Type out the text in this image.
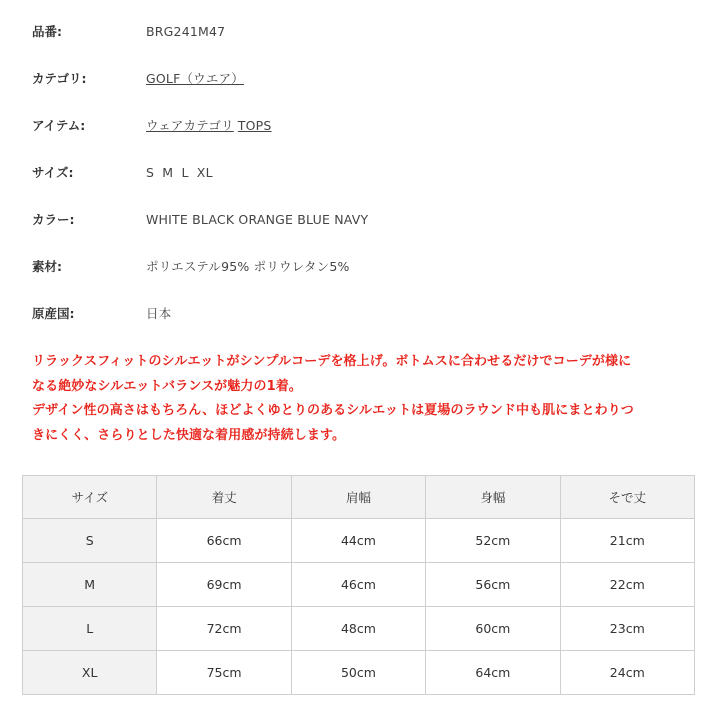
品番:	BRG241M47
カテゴリ:	GOLF（ウエア）
アイテム:	ウェアカテゴリ TOPS
サイズ:	S M L XL
カラー:	WHITE BLACK ORANGE BLUE NAVY
素材:	ポリエステル95% ポリウレタン5%
原産国:	日本

リラックスフィットのシルエットがシンプルコーデを格上げ。ボトムスに合わせるだけでコーデが様に

なる絶妙なシルエットバランスが魅力の1着。

デザイン性の高さはもちろん、ほどよくゆとりのあるシルエットは夏場のラウンド中も肌にまとわりつ

きにくく、さらりとした快適な着用感が持続します。

サイズ	着丈	肩幅	身幅	そで丈
S	66cm	44cm	52cm	21cm
M	69cm	46cm	56cm	22cm
L	72cm	48cm	60cm	23cm
XL	75cm	50cm	64cm	24cm
